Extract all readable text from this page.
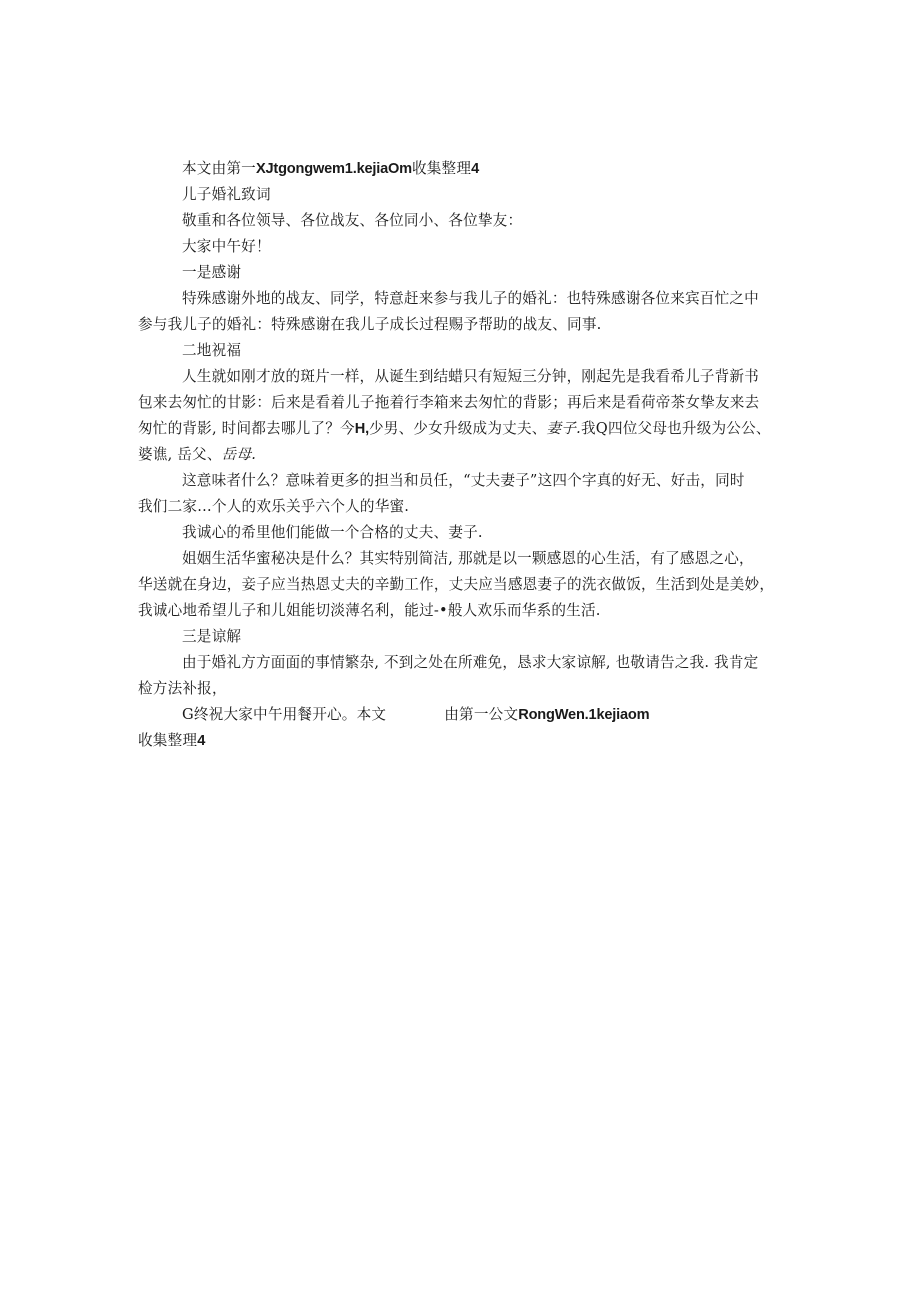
本文由第一XJtgongwem1.kejiaOm收集整理4
儿子婚礼致词
敬重和各位领导、各位战友、各位同小、各位挚友：
大家中午好！
一是感谢
特殊感谢外地的战友、同学，特意赶来参与我儿子的婚礼：也特殊感谢各位来宾百忙之中
参与我儿子的婚礼：特殊感谢在我儿子成长过程赐予帮助的战友、同事.
二地祝福
人生就如刚才放的斑片一样，从诞生到结蜡只有短短三分钟，刚起先是我看希儿子背新书
包来去匆忙的甘影：后来是看着儿子拖着行李箱来去匆忙的背影；再后来是看荷帝茶女挚友来去
匆忙的背影, 时间都去哪儿了？今H,少男、少女升级成为丈夫、妻子.我Q四位父母也升级为公公、
婆谯, 岳父、岳母.
这意味者什么？意味着更多的担当和员任，“丈夫妻子”这四个字真的好无、好击，同时
我们二家…个人的欢乐关乎六个人的华蜜.
我诚心的希里他们能做一个合格的丈夫、妻子.
姐姻生活华蜜秘决是什么？其实特别简洁, 那就是以一颗感恩的心生活，有了感恩之心，
华送就在身边，妾子应当热恩丈夫的辛勤工作，丈夫应当感恩妻子的洗衣做饭，生活到处是美妙，
我诚心地希望儿子和儿姐能切淡薄名利，能过-•般人欢乐而华系的生活.
三是谅解
由于婚礼方方面面的事情繁杂, 不到之处在所难免，恳求大家谅解, 也敬请告之我. 我肯定
检方法补报，
G终祝大家中午用餐开心。本文	由第一公文RongWen.1kejiaom
收集整理4
